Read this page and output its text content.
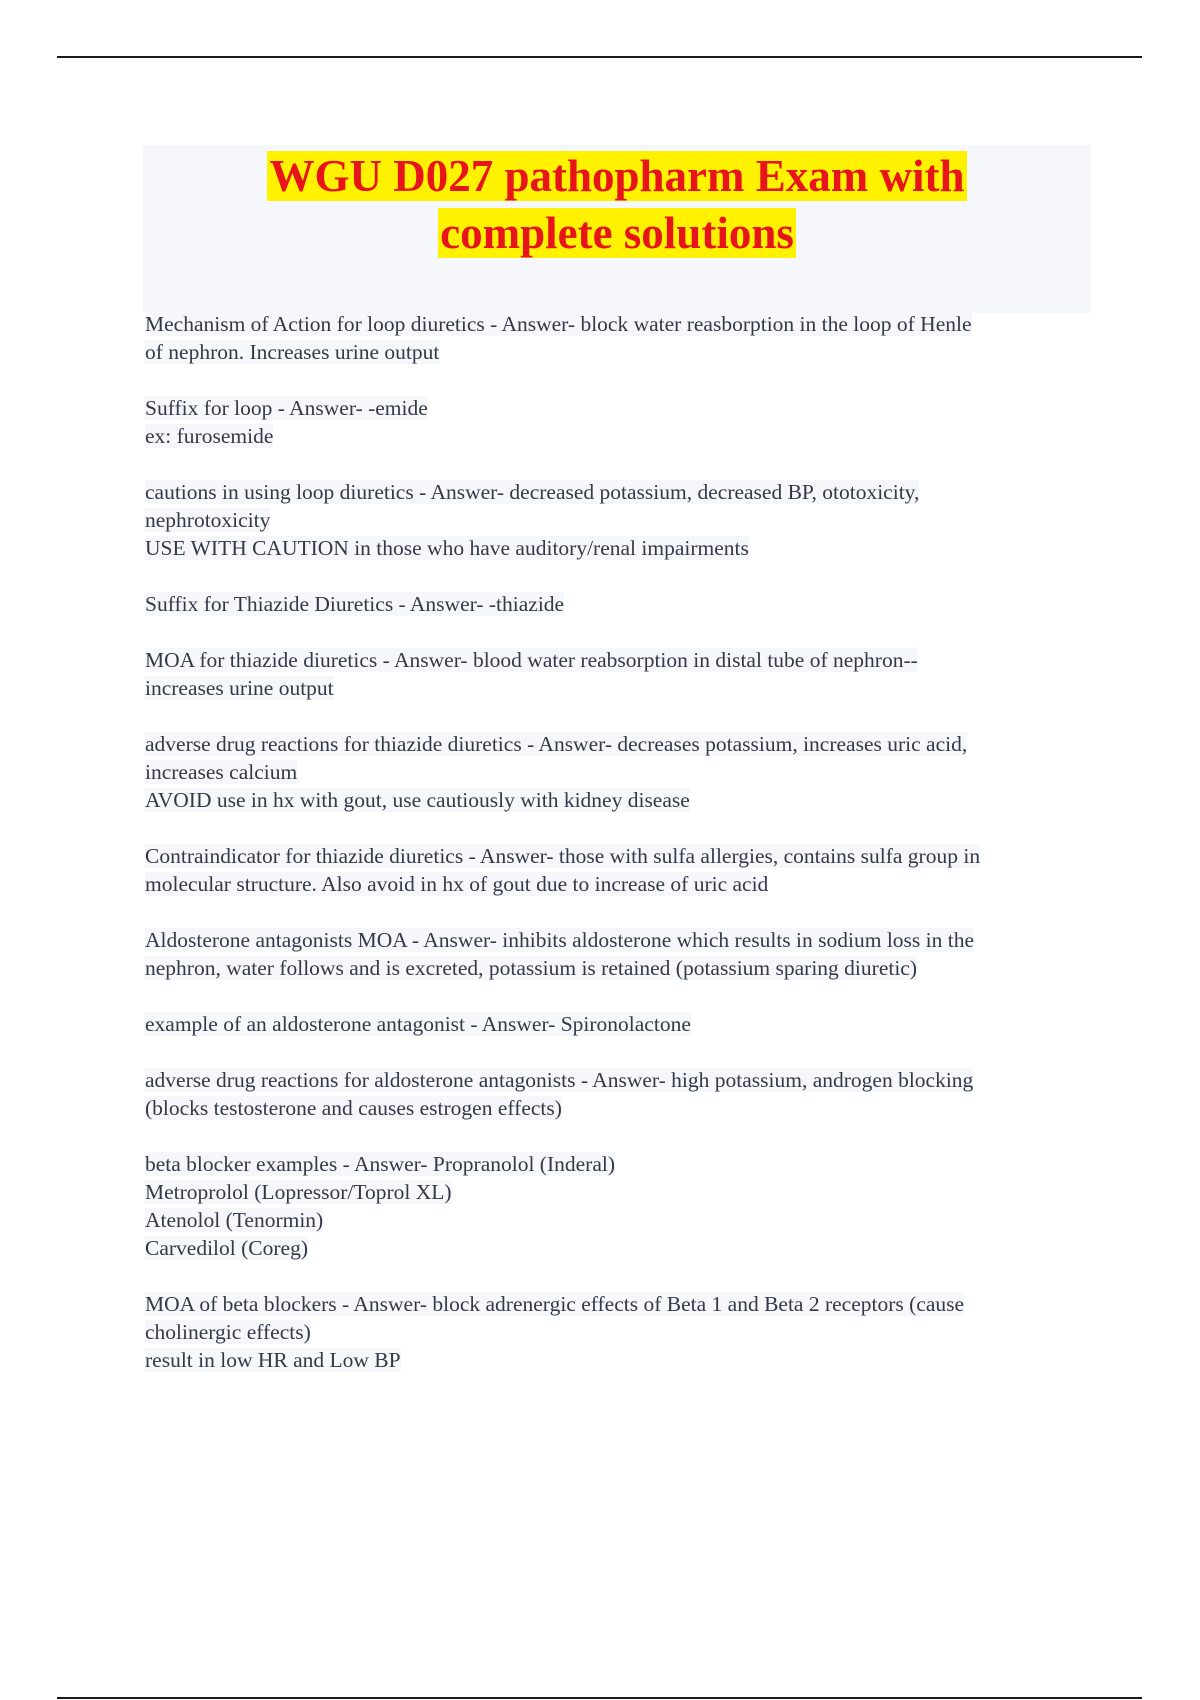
WGU D027 pathopharm Exam with
complete solutions
Mechanism of Action for loop diuretics - Answer- block water reasborption in the loop of Henle
of nephron. Increases urine output
Suffix for loop - Answer- -emide
ex: furosemide
cautions in using loop diuretics - Answer- decreased potassium, decreased BP, ototoxicity,
nephrotoxicity
USE WITH CAUTION in those who have auditory/renal impairments
Suffix for Thiazide Diuretics - Answer- -thiazide
MOA for thiazide diuretics - Answer- blood water reabsorption in distal tube of nephron--
increases urine output
adverse drug reactions for thiazide diuretics - Answer- decreases potassium, increases uric acid,
increases calcium
AVOID use in hx with gout, use cautiously with kidney disease
Contraindicator for thiazide diuretics - Answer- those with sulfa allergies, contains sulfa group in
molecular structure. Also avoid in hx of gout due to increase of uric acid
Aldosterone antagonists MOA - Answer- inhibits aldosterone which results in sodium loss in the
nephron, water follows and is excreted, potassium is retained (potassium sparing diuretic)
example of an aldosterone antagonist - Answer- Spironolactone
adverse drug reactions for aldosterone antagonists - Answer- high potassium, androgen blocking
(blocks testosterone and causes estrogen effects)
beta blocker examples - Answer- Propranolol (Inderal)
Metroprolol (Lopressor/Toprol XL)
Atenolol (Tenormin)
Carvedilol (Coreg)
MOA of beta blockers - Answer- block adrenergic effects of Beta 1 and Beta 2 receptors (cause
cholinergic effects)
result in low HR and Low BP
